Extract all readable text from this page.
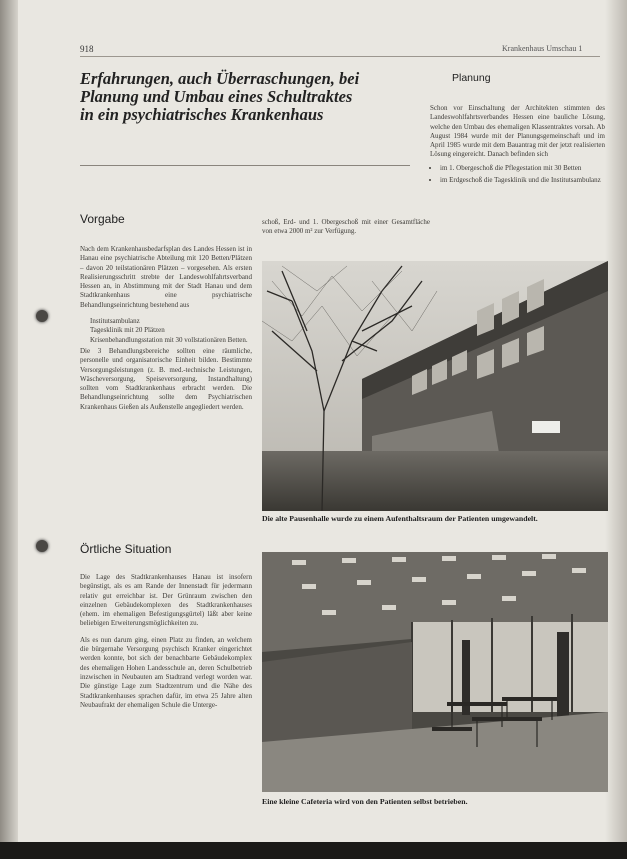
918	Krankenhaus Umschau 1
Erfahrungen, auch Überraschungen, bei Planung und Umbau eines Schultraktes in ein psychiatrisches Krankenhaus
Vorgabe

Nach dem Krankenhausbedarfsplan des Landes Hessen ist in Hanau eine psychiatrische Abteilung mit 120 Betten/Plätzen – davon 20 teilstationären Plätzen – vorgesehen. Als ersten Realisierungsschritt strebte der Landeswohlfahrtsverband Hessen an, in Abstimmung mit der Stadt Hanau und dem Stadtkrankenhaus eine psychiatrische Behandlungseinrichtung bestehend aus

Institutsambulanz
Tagesklinik mit 20 Plätzen
Krisenbehandlungsstation mit 30 vollstationären Betten.

Die 3 Behandlungsbereiche sollten eine räumliche, personelle und organisatorische Einheit bilden. Bestimmte Versorgungsleistungen (z. B. med.-technische Leistungen, Wäscheversorgung, Speiseversorgung, Instandhaltung) sollten vom Stadtkrankenhaus erbracht werden. Die Behandlungseinrichtung sollte dem Psychiatrischen Krankenhaus Gießen als Außenstelle angegliedert werden.

schoß, Erd- und 1. Obergeschoß mit einer Gesamtfläche von etwa 2000 m² zur Verfügung.
Örtliche Situation

Die Lage des Stadtkrankenhauses Hanau ist insofern begünstigt, als es am Rande der Innenstadt für jedermann relativ gut erreichbar ist. Der Grünraum zwischen den einzelnen Gebäudekomplexen des Stadtkrankenhauses (ehem. im ehemaligen Befestigungsgürtel) läßt aber keine beliebigen Erweiterungsmöglichkeiten zu.

Als es nun darum ging, einen Platz zu finden, an welchem die bürgernahe Versorgung psychisch Kranker eingerichtet werden konnte, bot sich der benachbarte Gebäudekomplex des ehemaligen Hohen Landesschule an, deren Schulbetrieb inzwischen in Neubauten am Stadtrand verlegt worden war. Die günstige Lage zum Stadtzentrum und die Nähe des Stadtkrankenhauses sprachen dafür, im etwa 25 Jahre alten Neubaufrakt der ehemaligen Schule die Unterge-

Planung
Schon vor Einschaltung der Architekten stimmten des Landeswohlfahrtsverbandes Hessen eine bauliche Lösung, welche den Umbau des ehemaligen Klassentraktes vorsah. Ab August 1984 wurde mit der Planungsgemeinschaft und im April 1985 wurde mit dem Bauantrag mit der jetzt realisierten Lösung eingereicht. Danach befinden sich
• im 1. Obergeschoß die Pflegestation mit 30 Betten
• im Erdgeschoß die Tagesklinik und die Institutsambulanz
Die alte Pausenhalle wurde zu einem Aufenthaltsraum der Patienten umgewandelt.
Eine kleine Cafeteria wird von den Patienten selbst betrieben.
